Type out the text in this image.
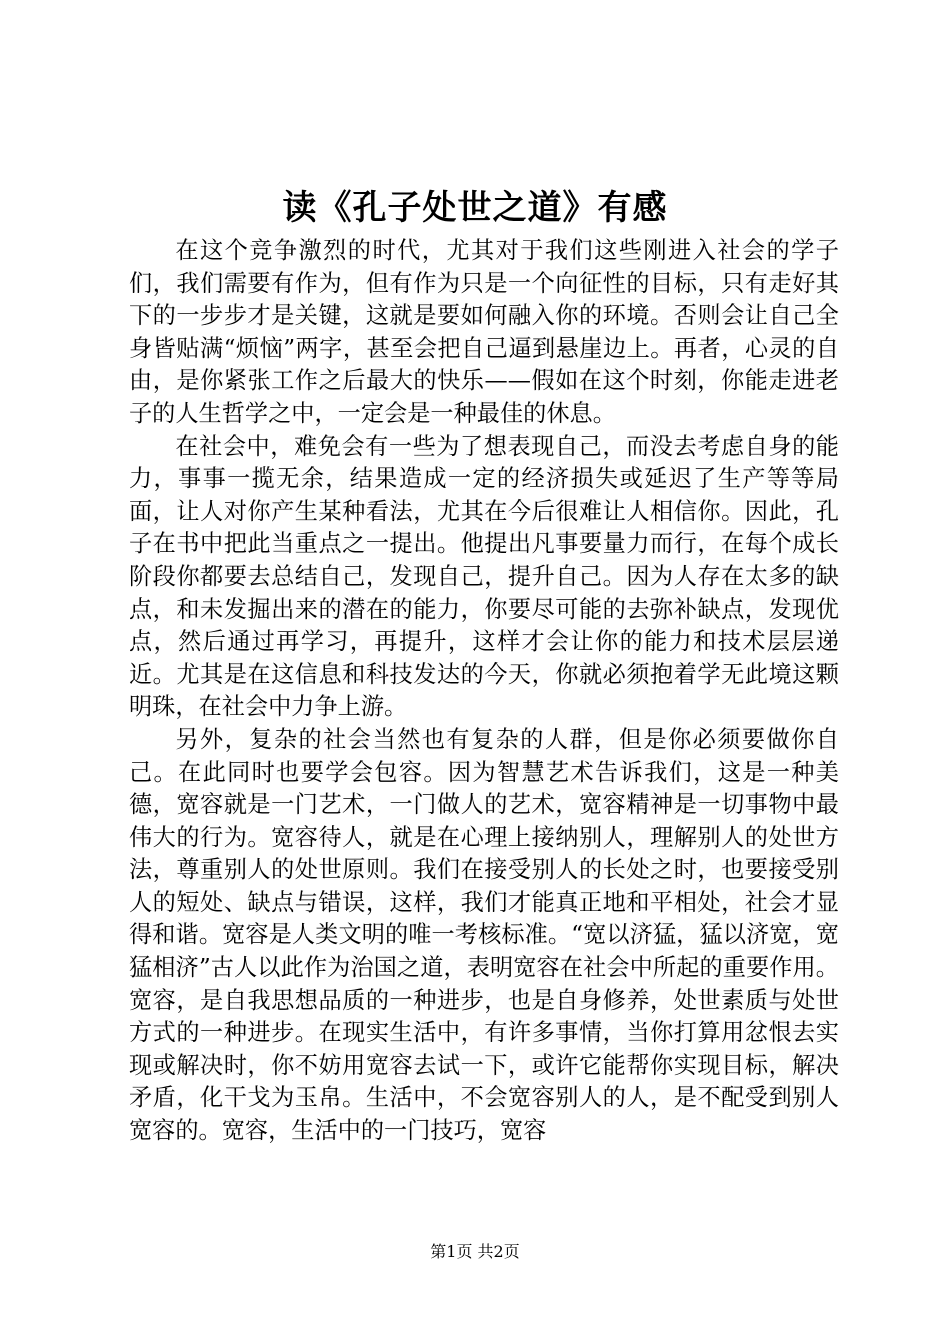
读《孔子处世之道》有感

在这个竞争激烈的时代，尤其对于我们这些刚进入社会的学子们，我们需要有作为，但有作为只是一个向征性的目标，只有走好其下的一步步才是关键，这就是要如何融入你的环境。否则会让自己全身皆贴满“烦恼”两字，甚至会把自己逼到悬崖边上。再者，心灵的自由，是你紧张工作之后最大的快乐——假如在这个时刻，你能走进老子的人生哲学之中，一定会是一种最佳的休息。

在社会中，难免会有一些为了想表现自己，而没去考虑自身的能力，事事一揽无余，结果造成一定的经济损失或延迟了生产等等局面，让人对你产生某种看法，尤其在今后很难让人相信你。因此，孔子在书中把此当重点之一提出。他提出凡事要量力而行，在每个成长阶段你都要去总结自己，发现自己，提升自己。因为人存在太多的缺点，和未发掘出来的潜在的能力，你要尽可能的去弥补缺点，发现优点，然后通过再学习，再提升，这样才会让你的能力和技术层层递近。尤其是在这信息和科技发达的今天，你就必须抱着学无此境这颗明珠，在社会中力争上游。

另外，复杂的社会当然也有复杂的人群，但是你必须要做你自己。在此同时也要学会包容。因为智慧艺术告诉我们，这是一种美德，宽容就是一门艺术，一门做人的艺术，宽容精神是一切事物中最伟大的行为。宽容待人，就是在心理上接纳别人，理解别人的处世方法，尊重别人的处世原则。我们在接受别人的长处之时，也要接受别人的短处、缺点与错误，这样，我们才能真正地和平相处，社会才显得和谐。宽容是人类文明的唯一考核标准。“宽以济猛，猛以济宽，宽猛相济”古人以此作为治国之道，表明宽容在社会中所起的重要作用。宽容，是自我思想品质的一种进步，也是自身修养，处世素质与处世方式的一种进步。在现实生活中，有许多事情，当你打算用忿恨去实现或解决时，你不妨用宽容去试一下，或许它能帮你实现目标，解决矛盾，化干戈为玉帛。生活中，不会宽容别人的人，是不配受到别人宽容的。宽容，生活中的一门技巧，宽容

第1页 共2页
